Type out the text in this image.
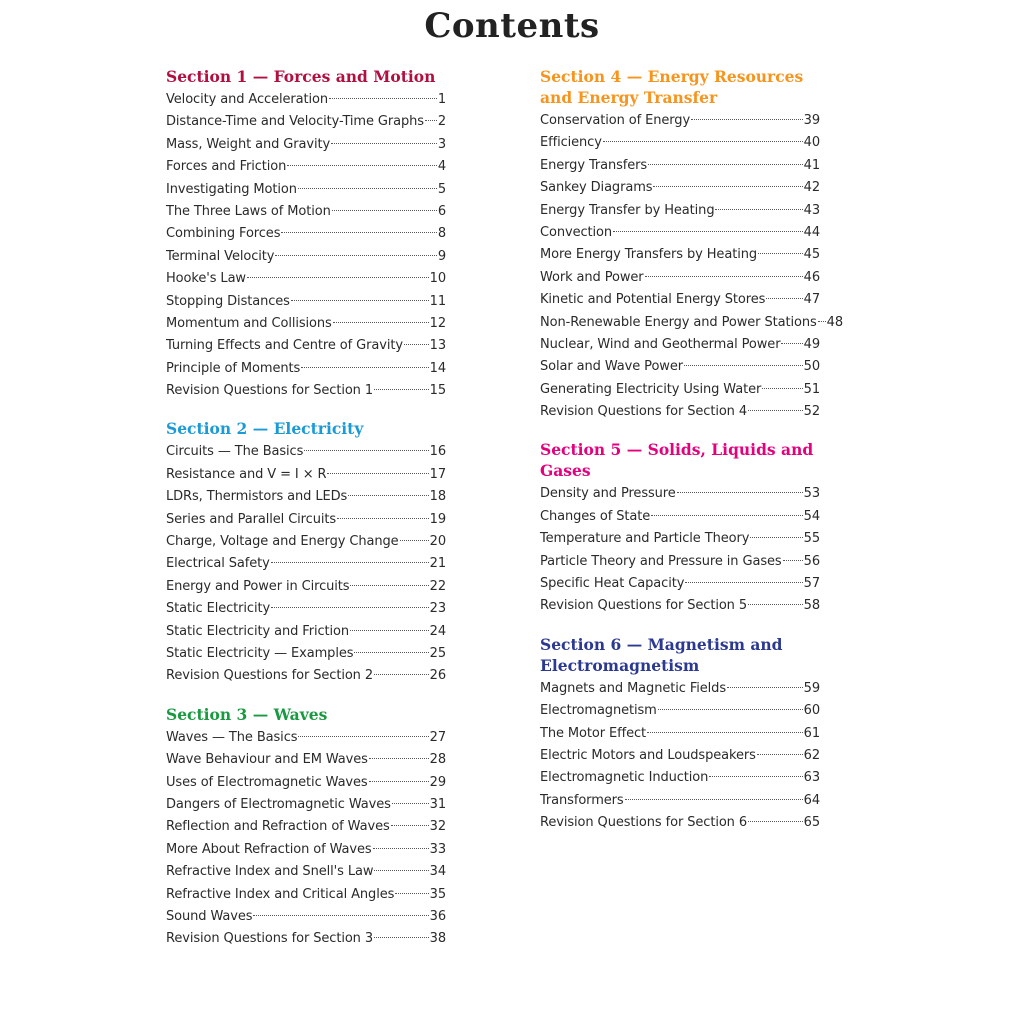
Contents
Section 1 — Forces and Motion
Velocity and Acceleration	1
Distance-Time and Velocity-Time Graphs 2
Mass, Weight and Gravity	3
Forces and Friction	4
Investigating Motion	5
The Three Laws of Motion	6
Combining Forces	8
Terminal Velocity	9
Hooke's Law	10
Stopping Distances	11
Momentum and Collisions	12
Turning Effects and Centre of Gravity 13
Principle of Moments	14
Revision Questions for Section 1	15
Section 2 — Electricity
Circuits — The Basics	16
Resistance and V = I × R	17
LDRs, Thermistors and LEDs	18
Series and Parallel Circuits	19
Charge, Voltage and Energy Change 20
Electrical Safety	21
Energy and Power in Circuits	22
Static Electricity	23
Static Electricity and Friction	24
Static Electricity — Examples	25
Revision Questions for Section 2	26
Section 3 — Waves
Waves — The Basics	27
Wave Behaviour and EM Waves	28
Uses of Electromagnetic Waves	29
Dangers of Electromagnetic Waves	31
Reflection and Refraction of Waves	32
More About Refraction of Waves	33
Refractive Index and Snell's Law	34
Refractive Index and Critical Angles	35
Sound Waves	36
Revision Questions for Section 3	38
Section 4 — Energy Resources and Energy Transfer
Conservation of Energy	39
Efficiency	40
Energy Transfers	41
Sankey Diagrams	42
Energy Transfer by Heating	43
Convection	44
More Energy Transfers by Heating	45
Work and Power	46
Kinetic and Potential Energy Stores	47
Non-Renewable Energy and Power Stations 48
Nuclear, Wind and Geothermal Power 49
Solar and Wave Power	50
Generating Electricity Using Water	51
Revision Questions for Section 4	52
Section 5 — Solids, Liquids and Gases
Density and Pressure	53
Changes of State	54
Temperature and Particle Theory	55
Particle Theory and Pressure in Gases 56
Specific Heat Capacity	57
Revision Questions for Section 5	58
Section 6 — Magnetism and Electromagnetism
Magnets and Magnetic Fields	59
Electromagnetism	60
The Motor Effect	61
Electric Motors and Loudspeakers	62
Electromagnetic Induction	63
Transformers	64
Revision Questions for Section 6	65
